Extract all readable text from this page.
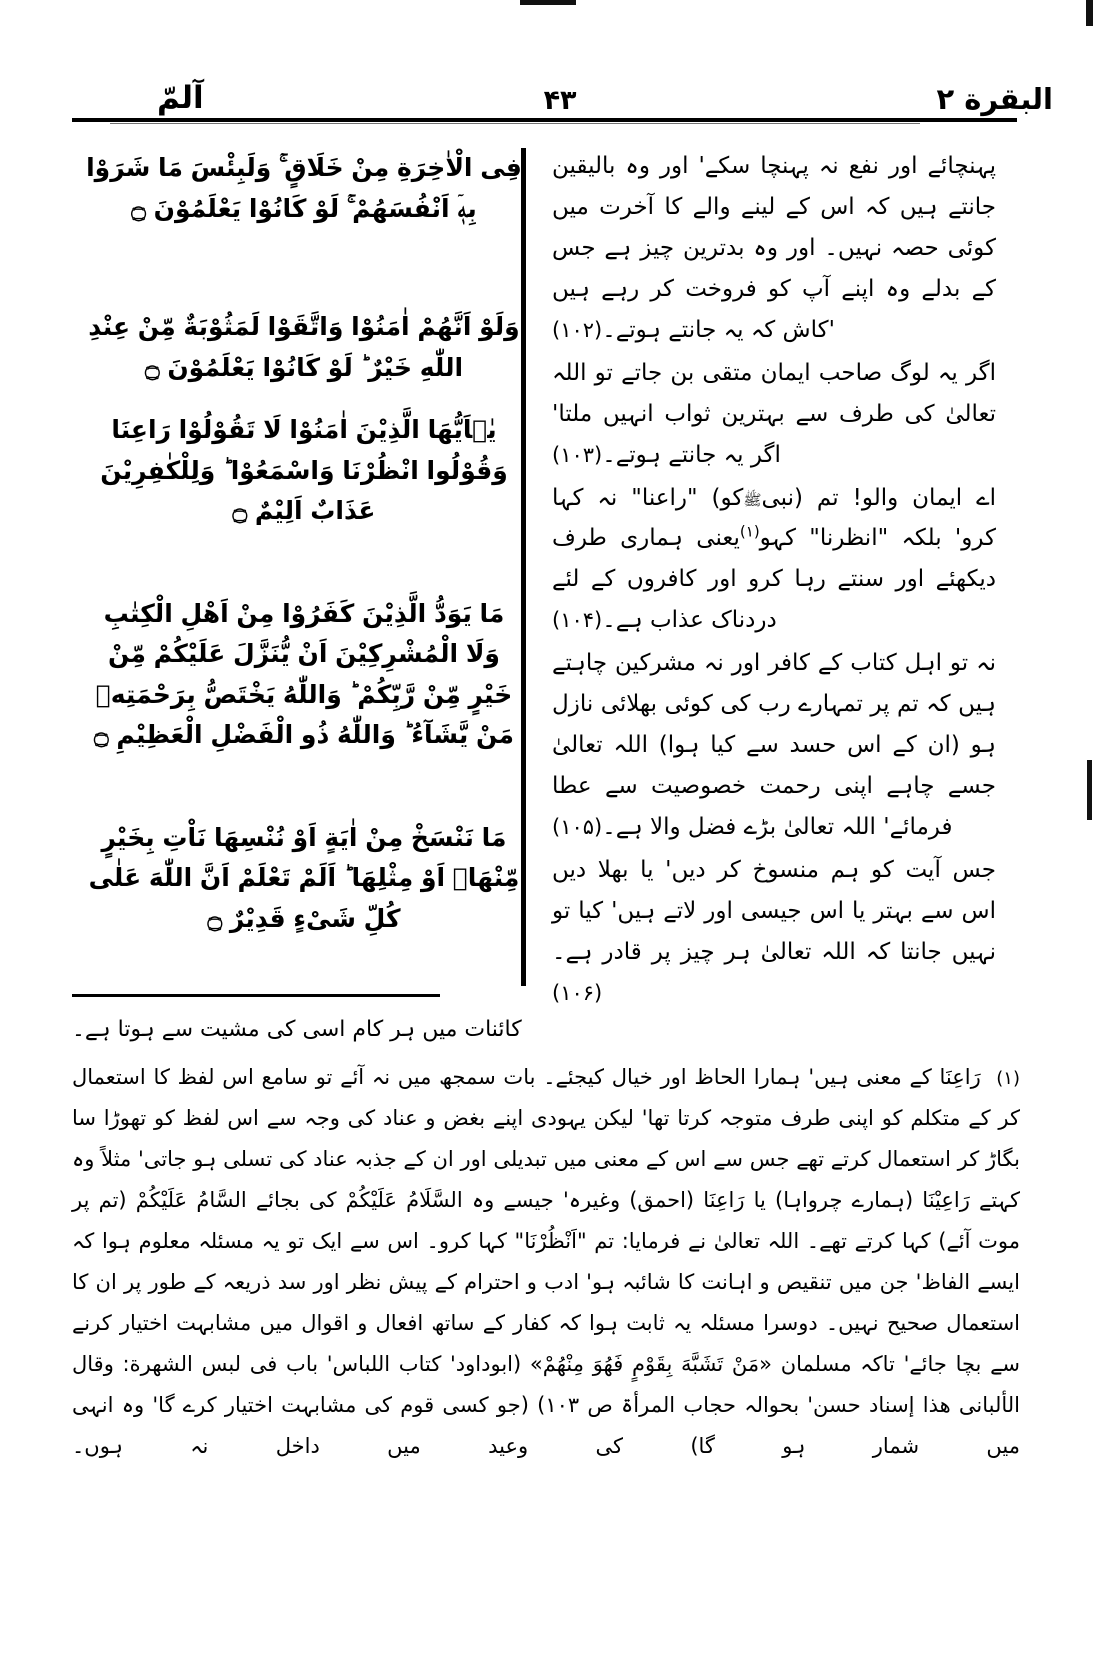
البقرة ٢
۴۳
آلمّ
فِى الْاٰخِرَةِ مِنْ خَلَاقٍ ۚ وَلَبِئْسَ مَا شَرَوْا بِهٖۤ اَنْفُسَهُمْ ۚ لَوْ كَانُوْا يَعْلَمُوْنَ ۝
وَلَوْ اَنَّهُمْ اٰمَنُوْا وَاتَّقَوْا لَمَثُوْبَةٌ مِّنْ عِنْدِ اللّٰهِ خَيْرٌ ؕ لَوْ كَانُوْا يَعْلَمُوْنَ ۝
يٰۤاَيُّهَا الَّذِيْنَ اٰمَنُوْا لَا تَقُوْلُوْا رَاعِنَا وَقُوْلُوا انْظُرْنَا وَاسْمَعُوْا ؕ وَلِلْكٰفِرِيْنَ عَذَابٌ اَلِيْمٌ ۝
مَا يَوَدُّ الَّذِيْنَ كَفَرُوْا مِنْ اَهْلِ الْكِتٰبِ وَلَا الْمُشْرِكِيْنَ اَنْ يُّنَزَّلَ عَلَيْكُمْ مِّنْ خَيْرٍ مِّنْ رَّبِّكُمْ ؕ وَاللّٰهُ يَخْتَصُّ بِرَحْمَتِهٖ مَنْ يَّشَآءُ ؕ وَاللّٰهُ ذُو الْفَضْلِ الْعَظِيْمِ ۝
مَا نَنْسَخْ مِنْ اٰيَةٍ اَوْ نُنْسِهَا نَاْتِ بِخَيْرٍ مِّنْهَاۤ اَوْ مِثْلِهَا ؕ اَلَمْ تَعْلَمْ اَنَّ اللّٰهَ عَلٰى كُلِّ شَىْءٍ قَدِيْرٌ ۝

پہنچائے اور نفع نہ پہنچا سکے' اور وہ بالیقین جانتے ہیں کہ اس کے لینے والے کا آخرت میں کوئی حصہ نہیں۔ اور وہ بدترین چیز ہے جس کے بدلے وہ اپنے آپ کو فروخت کر رہے ہیں 'کاش کہ یہ جانتے ہوتے۔(۱۰۲)

اگر یہ لوگ صاحب ایمان متقی بن جاتے تو اللہ تعالیٰ کی طرف سے بہترین ثواب انہیں ملتا' اگر یہ جانتے ہوتے۔(۱۰۳)

اے ایمان والو! تم (نبیﷺکو) "راعنا" نہ کہا کرو' بلکہ "انظرنا" کہو$^{(۱)}$یعنی ہماری طرف دیکھئے اور سنتے رہا کرو اور کافروں کے لئے دردناک عذاب ہے۔(۱۰۴)

نہ تو اہل کتاب کے کافر اور نہ مشرکین چاہتے ہیں کہ تم پر تمہارے رب کی کوئی بھلائی نازل ہو (ان کے اس حسد سے کیا ہوا) اللہ تعالیٰ جسے چاہے اپنی رحمت خصوصیت سے عطا فرمائے' اللہ تعالیٰ بڑے فضل والا ہے۔(۱۰۵)

جس آیت کو ہم منسوخ کر دیں' یا بھلا دیں اس سے بہتر یا اس جیسی اور لاتے ہیں' کیا تو نہیں جانتا کہ اللہ تعالیٰ ہر چیز پر قادر ہے۔(۱۰۶)

کائنات میں ہر کام اسی کی مشیت سے ہوتا ہے۔

(۱)  رَاعِنَا کے معنی ہیں' ہمارا الحاظ اور خیال کیجئے۔ بات سمجھ میں نہ آئے تو سامع اس لفظ کا استعمال کر کے متکلم کو اپنی طرف متوجہ کرتا تھا' لیکن یہودی اپنے بغض و عناد کی وجہ سے اس لفظ کو تھوڑا سا بگاڑ کر استعمال کرتے تھے جس سے اس کے معنی میں تبدیلی اور ان کے جذبہ عناد کی تسلی ہو جاتی' مثلاً وہ کہتے رَاعِیْنَا (ہمارے چرواہا) یا رَاعِنَا (احمق) وغیرہ' جیسے وہ السَّلَامُ عَلَیْکُمْ کی بجائے السَّامُ عَلَیْکُمْ (تم پر موت آئے) کہا کرتے تھے۔ اللہ تعالیٰ نے فرمایا: تم "اَنْظُرْنَا" کہا کرو۔ اس سے ایک تو یہ مسئلہ معلوم ہوا کہ ایسے الفاظ' جن میں تنقیص و اہانت کا شائبہ ہو' ادب و احترام کے پیش نظر اور سد ذریعہ کے طور پر ان کا استعمال صحیح نہیں۔ دوسرا مسئلہ یہ ثابت ہوا کہ کفار کے ساتھ افعال و اقوال میں مشابہت اختیار کرنے سے بچا جائے' تاکہ مسلمان «مَنْ تَشَبَّهَ بِقَوْمٍ فَهُوَ مِنْهُمْ» (ابوداود' کتاب اللباس' باب فی لبس الشهرة: وقال الألبانی هذا إسناد حسن' بحوالہ حجاب المرأۃ ص ۱۰۳) (جو کسی قوم کی مشابہت اختیار کرے گا' وہ انہی میں شمار ہو گا) کی وعید میں داخل نہ ہوں۔
